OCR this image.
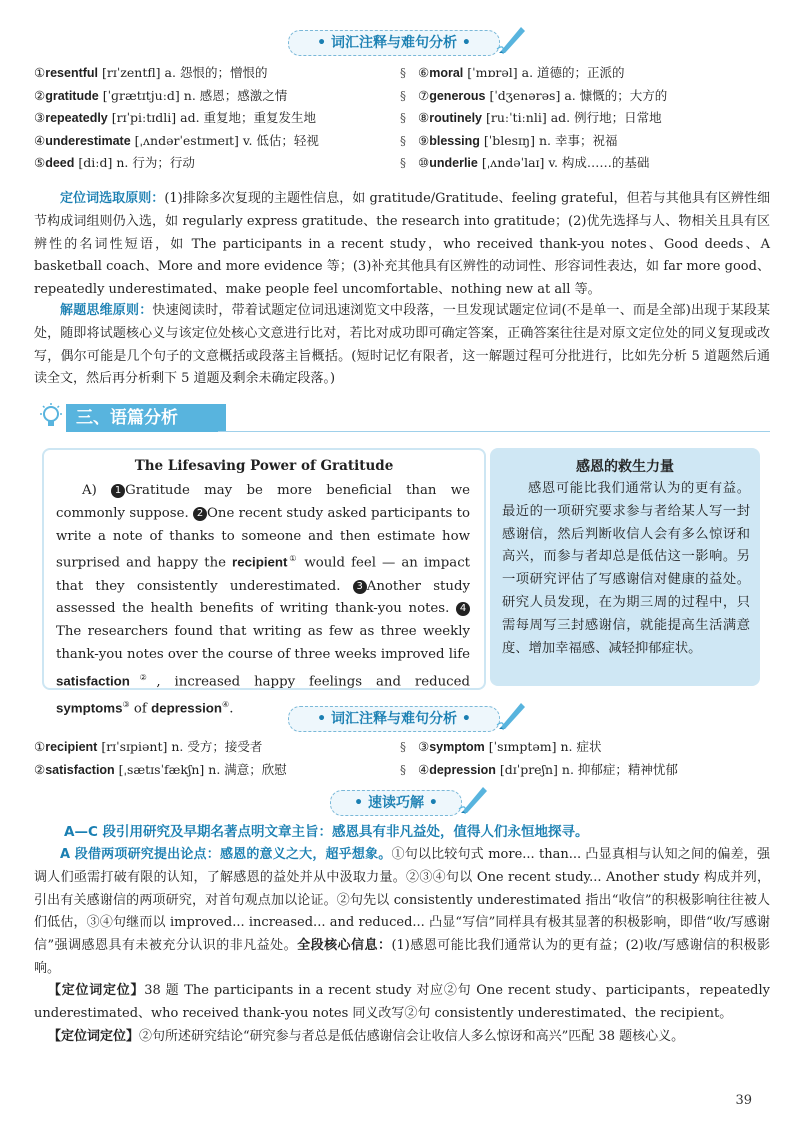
• 词汇注释与难句分析 •
①resentful [rɪˈzentfl] a. 怨恨的；憎恨的
②gratitude [ˈɡrætɪtjuːd] n. 感恩；感激之情
③repeatedly [rɪˈpiːtɪdli] ad. 重复地；重复发生地
④underestimate [ˌʌndərˈestɪmeɪt] v. 低估；轻视
⑤deed [diːd] n. 行为；行动
§
§
§
§
§
⑥moral [ˈmɒrəl] a. 道德的；正派的
⑦generous [ˈdʒenərəs] a. 慷慨的；大方的
⑧routinely [ruːˈtiːnli] ad. 例行地；日常地
⑨blessing [ˈblesɪŋ] n. 幸事；祝福
⑩underlie [ˌʌndəˈlaɪ] v. 构成……的基础
定位词选取原则：(1)排除多次复现的主题性信息，如 gratitude/Gratitude、feeling grateful，但若与其他具有区辨性细节构成词组则仍入选，如 regularly express gratitude、the research into gratitude；(2)优先选择与人、物相关且具有区辨性的名词性短语，如 The participants in a recent study，who received thank-you notes、Good deeds、A basketball coach、More and more evidence 等；(3)补充其他具有区辨性的动词性、形容词性表达，如 far more good、repeatedly underestimated、make people feel uncomfortable、nothing new at all 等。
解题思维原则：快速阅读时，带着试题定位词迅速浏览文中段落，一旦发现试题定位词(不是单一、而是全部)出现于某段某处，随即将试题核心义与该定位处核心文意进行比对，若比对成功即可确定答案，正确答案往往是对原文定位处的同义复现或改写，偶尔可能是几个句子的文意概括或段落主旨概括。(短时记忆有限者，这一解题过程可分批进行，比如先分析 5 道题然后通读全文，然后再分析剩下 5 道题及剩余未确定段落。)
三、语篇分析
The Lifesaving Power of Gratitude
A) 1 Gratitude may be more beneficial than we commonly suppose. 2 One recent study asked participants to write a note of thanks to someone and then estimate how surprised and happy the recipient① would feel — an impact that they consistently underestimated. 3 Another study assessed the health benefits of writing thank-you notes. 4The researchers found that writing as few as three weekly thank-you notes over the course of three weeks improved life satisfaction②, increased happy feelings and reduced symptoms③ of depression④.
感恩的救生力量
感恩可能比我们通常认为的更有益。最近的一项研究要求参与者给某人写一封感谢信，然后判断收信人会有多么惊讶和高兴，而参与者却总是低估这一影响。另一项研究评估了写感谢信对健康的益处。研究人员发现，在为期三周的过程中，只需每周写三封感谢信，就能提高生活满意度、增加幸福感、减轻抑郁症状。
• 词汇注释与难句分析 •
①recipient [rɪˈsɪpiənt] n. 受方；接受者
②satisfaction [ˌsætɪsˈfækʃn] n. 满意；欣慰
§
§
③symptom [ˈsɪmptəm] n. 症状
④depression [dɪˈpreʃn] n. 抑郁症；精神忧郁
• 速读巧解 •
A—C 段引用研究及早期名著点明文章主旨：感恩具有非凡益处，值得人们永恒地探寻。
A 段借两项研究提出论点：感恩的意义之大，超乎想象。①句以比较句式 more... than... 凸显真相与认知之间的偏差，强调人们亟需打破有限的认知，了解感恩的益处并从中汲取力量。②③④句以 One recent study... Another study 构成并列，引出有关感谢信的两项研究，对首句观点加以论证。②句先以 consistently underestimated 指出“收信”的积极影响往往被人们低估，③④句继而以 improved... increased... and reduced... 凸显“写信”同样具有极其显著的积极影响，即借“收/写感谢信”强调感恩具有未被充分认识的非凡益处。全段核心信息：(1)感恩可能比我们通常认为的更有益；(2)收/写感谢信的积极影响。
【定位词定位】38 题 The participants in a recent study 对应②句 One recent study、participants，repeatedly underestimated、who received thank-you notes 同义改写②句 consistently underestimated、the recipient。
【定位词定位】②句所述研究结论“研究参与者总是低估感谢信会让收信人多么惊讶和高兴”匹配 38 题核心义。
39
